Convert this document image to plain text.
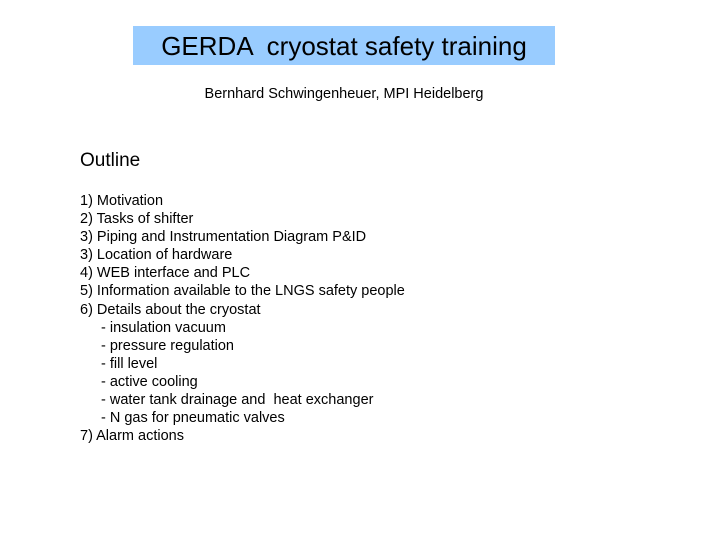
GERDA  cryostat safety training
Bernhard Schwingenheuer, MPI Heidelberg
Outline
1) Motivation
2) Tasks of shifter
3) Piping and Instrumentation Diagram P&ID
3) Location of hardware
4) WEB interface and PLC
5) Information available to the LNGS safety people
6) Details about the cryostat
- insulation vacuum
- pressure regulation
- fill level
- active cooling
- water tank drainage and  heat exchanger
- N gas for pneumatic valves
7) Alarm actions
